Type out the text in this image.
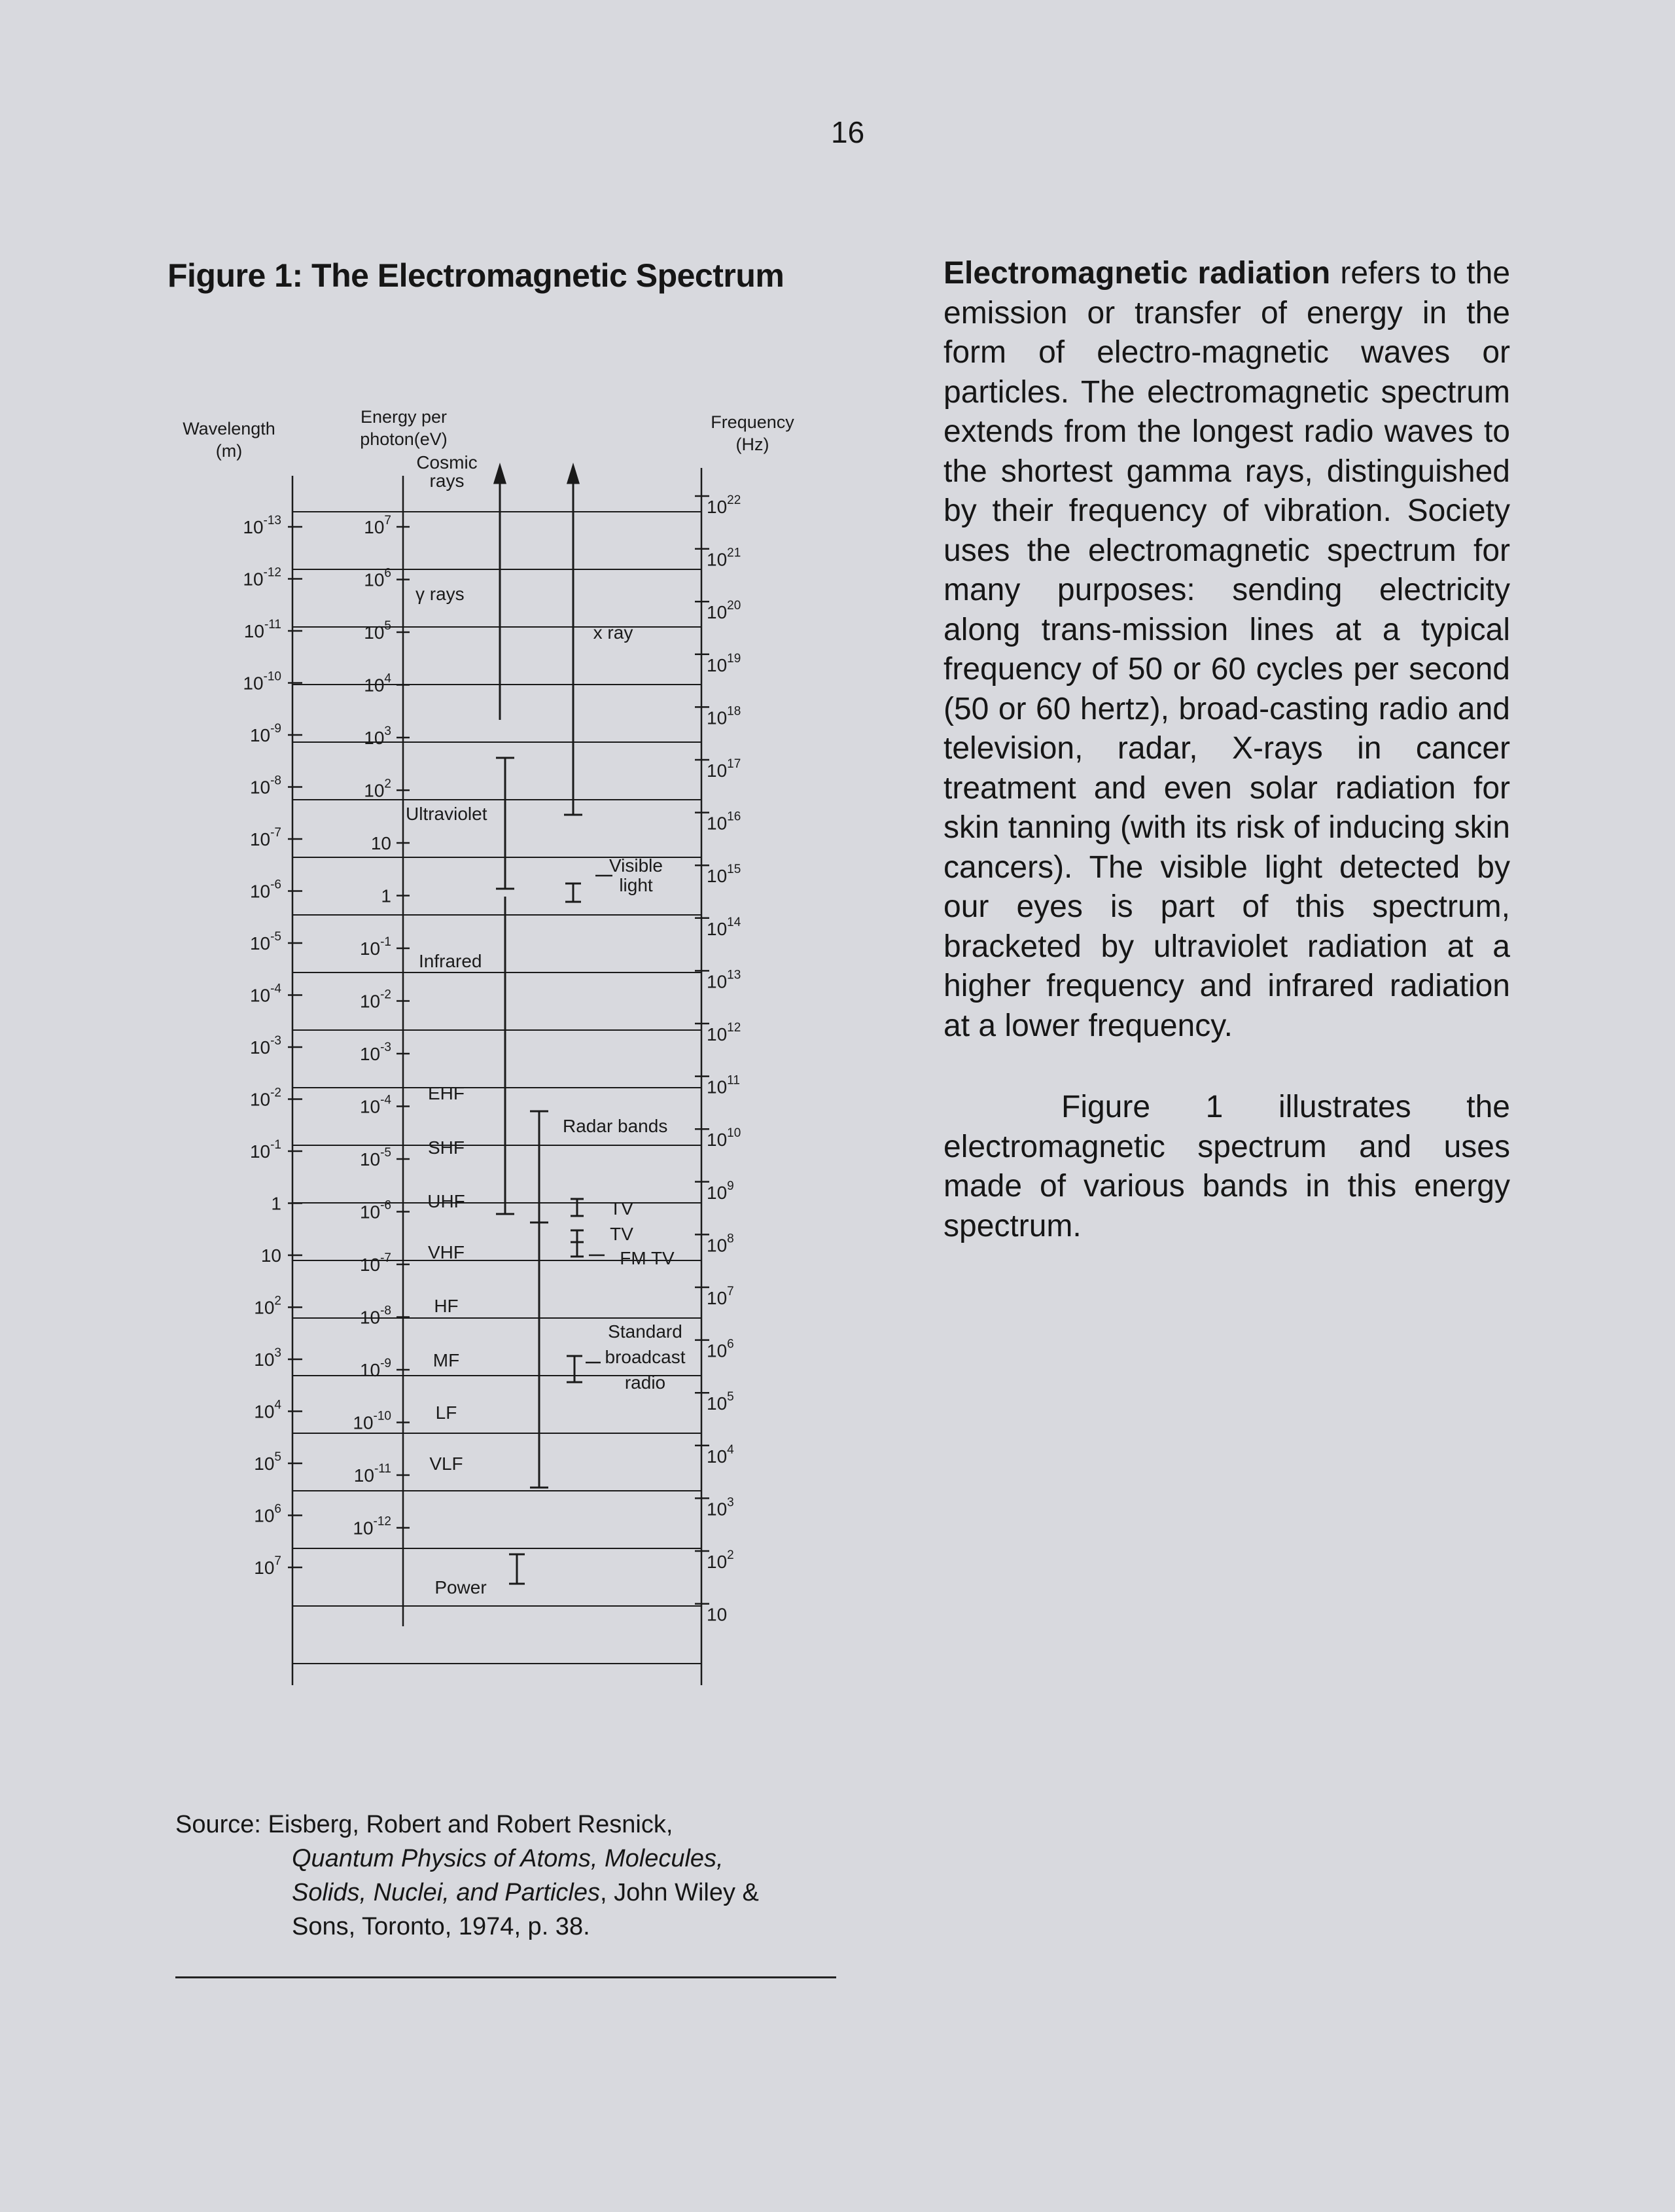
16
Figure 1: The Electromagnetic Spectrum
Wavelength
(m)
Energy per
photon(eV)
Frequency
(Hz)
$10^{-13}$
$10^{-12}$
$10^{-11}$
$10^{-10}$
$10^{-9}$
$10^{-8}$
$10^{-7}$
$10^{-6}$
$10^{-5}$
$10^{-4}$
$10^{-3}$
$10^{-2}$
$10^{-1}$
1
10
$10^2$
$10^3$
$10^4$
$10^5$
$10^6$
$10^7$
$10^7$
$10^6$
$10^5$
$10^4$
$10^3$
$10^2$
10
1
$10^{-1}$
$10^{-2}$
$10^{-3}$
$10^{-4}$
$10^{-5}$
$10^{-6}$
$10^{-7}$
$10^{-8}$
$10^{-9}$
$10^{-10}$
$10^{-11}$
$10^{-12}$
$10^{22}$
$10^{21}$
$10^{20}$
$10^{19}$
$10^{18}$
$10^{17}$
$10^{16}$
$10^{15}$
$10^{14}$
$10^{13}$
$10^{12}$
$10^{11}$
$10^{10}$
$10^9$
$10^8$
$10^7$
$10^6$
$10^5$
$10^4$
$10^3$
$10^2$
10
Cosmic
rays
γ rays
x ray
Ultraviolet
Visible
light
Infrared
EHF
SHF
Radar bands
UHF	TV
VHF
TV
FM TV
HF
MF
Standard
broadcast
radio
LF
VLF
Power

Electromagnetic radiation refers to the emission or transfer of energy in the form of electro-magnetic waves or particles. The electromagnetic spectrum extends from the longest radio waves to the shortest gamma rays, distinguished by their frequency of vibration. Society uses the electromagnetic spectrum for many purposes: sending electricity along trans-mission lines at a typical frequency of 50 or 60 cycles per second (50 or 60 hertz), broad-casting radio and television, radar, X-rays in cancer treatment and even solar radiation for skin tanning (with its risk of inducing skin cancers). The visible light detected by our eyes is part of this spectrum, bracketed by ultraviolet radiation at a higher frequency and infrared radiation at a lower frequency.

Figure 1 illustrates the electromagnetic spectrum and uses made of various bands in this energy spectrum.

Source: Eisberg, Robert and Robert Resnick,
Quantum Physics of Atoms, Molecules,
Solids, Nuclei, and Particles, John Wiley &
Sons, Toronto, 1974, p. 38.
